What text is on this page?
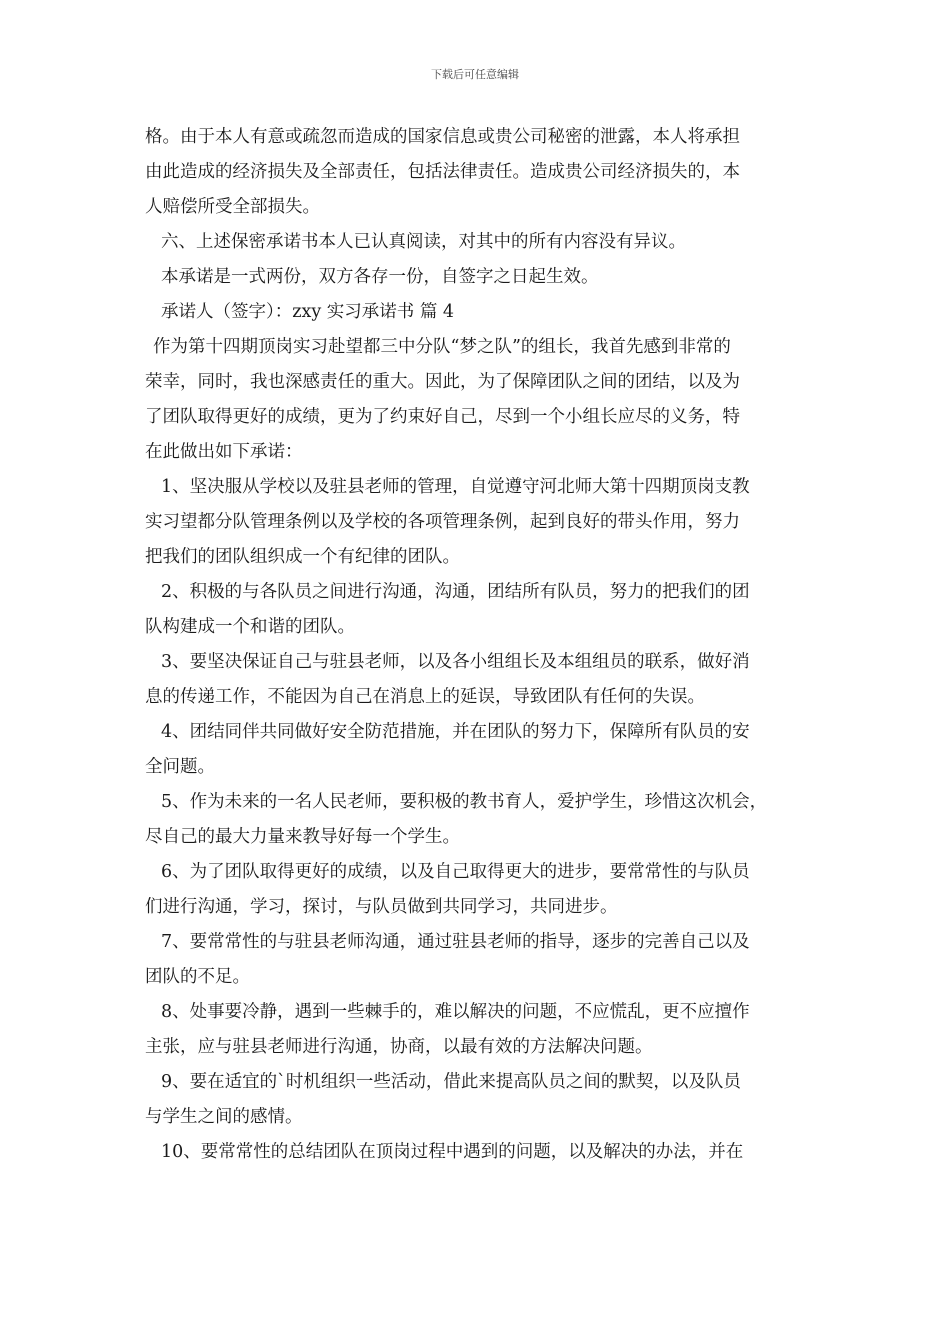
下载后可任意编辑
格。由于本人有意或疏忽而造成的国家信息或贵公司秘密的泄露，本人将承担
由此造成的经济损失及全部责任，包括法律责任。造成贵公司经济损失的，本
人赔偿所受全部损失。
六、上述保密承诺书本人已认真阅读，对其中的所有内容没有异议。
本承诺是一式两份，双方各存一份，自签字之日起生效。
承诺人（签字）：zxy 实习承诺书 篇 4
作为第十四期顶岗实习赴望都三中分队“梦之队”的组长，我首先感到非常的
荣幸，同时，我也深感责任的重大。因此，为了保障团队之间的团结，以及为
了团队取得更好的成绩，更为了约束好自己，尽到一个小组长应尽的义务，特
在此做出如下承诺：
1、坚决服从学校以及驻县老师的管理，自觉遵守河北师大第十四期顶岗支教
实习望都分队管理条例以及学校的各项管理条例，起到良好的带头作用，努力
把我们的团队组织成一个有纪律的团队。
2、积极的与各队员之间进行沟通，沟通，团结所有队员，努力的把我们的团
队构建成一个和谐的团队。
3、要坚决保证自己与驻县老师，以及各小组组长及本组组员的联系，做好消
息的传递工作，不能因为自己在消息上的延误，导致团队有任何的失误。
4、团结同伴共同做好安全防范措施，并在团队的努力下，保障所有队员的安
全问题。
5、作为未来的一名人民老师，要积极的教书育人，爱护学生，珍惜这次机会，
尽自己的最大力量来教导好每一个学生。
6、为了团队取得更好的成绩，以及自己取得更大的进步，要常常性的与队员
们进行沟通，学习，探讨，与队员做到共同学习，共同进步。
7、要常常性的与驻县老师沟通，通过驻县老师的指导，逐步的完善自己以及
团队的不足。
8、处事要冷静，遇到一些棘手的，难以解决的问题，不应慌乱，更不应擅作
主张，应与驻县老师进行沟通，协商，以最有效的方法解决问题。
9、要在适宜的`时机组织一些活动，借此来提高队员之间的默契，以及队员
与学生之间的感情。
10、要常常性的总结团队在顶岗过程中遇到的问题，以及解决的办法，并在
